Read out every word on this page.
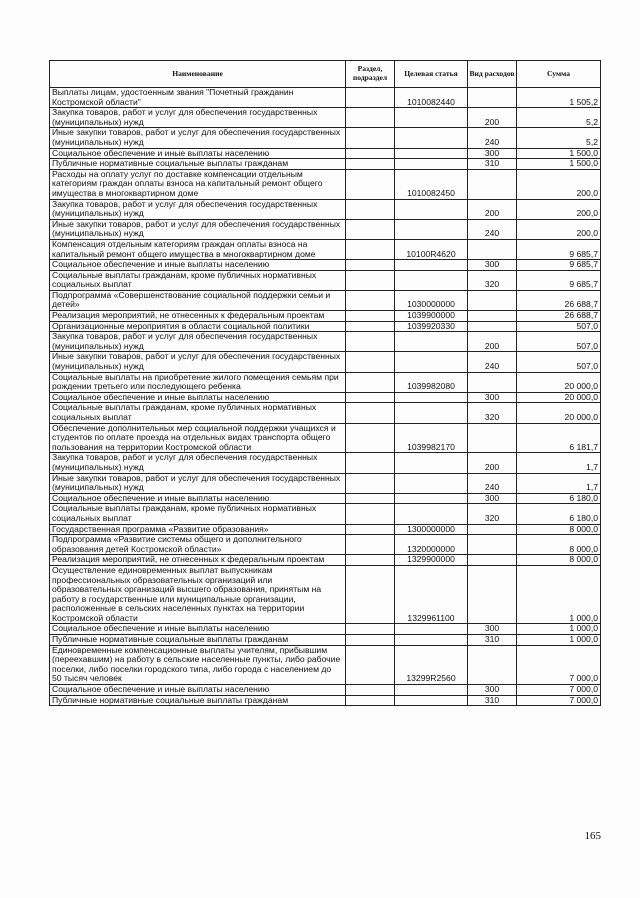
Наименование	Раздел, подраздел	Целевая статья	Вид расходов	Сумма
Выплаты лицам, удостоенным звания "Почетный гражданин Костромской области"		1010082440		1 505,2
Закупка товаров, работ и услуг для обеспечения государственных (муниципальных) нужд			200	5,2
Иные закупки товаров, работ и услуг для обеспечения государственных (муниципальных) нужд			240	5,2
Социальное обеспечение и иные выплаты населению			300	1 500,0
Публичные нормативные социальные выплаты гражданам			310	1 500,0
Расходы на оплату услуг по доставке компенсации отдельным категориям граждан оплаты взноса на капитальный ремонт общего имущества в многоквартирном доме		1010082450		200,0
Закупка товаров, работ и услуг для обеспечения государственных (муниципальных) нужд			200	200,0
Иные закупки товаров, работ и услуг для обеспечения государственных (муниципальных) нужд			240	200,0
Компенсация отдельным категориям граждан оплаты взноса на капитальный ремонт общего имущества в многоквартирном доме		10100R4620		9 685,7
Социальное обеспечение и иные выплаты населению			300	9 685,7
Социальные выплаты гражданам, кроме публичных нормативных социальных выплат			320	9 685,7
Подпрограмма «Совершенствование социальной поддержки семьи и детей»		1030000000		26 688,7
Реализация мероприятий, не отнесенных к федеральным проектам		1039900000		26 688,7
Организационные мероприятия в области социальной политики		1039920330		507,0
Закупка товаров, работ и услуг для обеспечения государственных (муниципальных) нужд			200	507,0
Иные закупки товаров, работ и услуг для обеспечения государственных (муниципальных) нужд			240	507,0
Социальные выплаты на приобретение жилого помещения семьям при рождении третьего или последующего ребенка		1039982080		20 000,0
Социальное обеспечение и иные выплаты населению			300	20 000,0
Социальные выплаты гражданам, кроме публичных нормативных социальных выплат			320	20 000,0
Обеспечение дополнительных мер социальной поддержки учащихся и студентов по оплате проезда на отдельных видах транспорта общего пользования на территории Костромской области		1039982170		6 181,7
Закупка товаров, работ и услуг для обеспечения государственных (муниципальных) нужд			200	1,7
Иные закупки товаров, работ и услуг для обеспечения государственных (муниципальных) нужд			240	1,7
Социальное обеспечение и иные выплаты населению			300	6 180,0
Социальные выплаты гражданам, кроме публичных нормативных социальных выплат			320	6 180,0
Государственная программа «Развитие образования»		1300000000		8 000,0
Подпрограмма «Развитие системы общего и дополнительного образования детей Костромской области»		1320000000		8 000,0
Реализация мероприятий, не отнесенных к федеральным проектам		1329900000		8 000,0
Осуществление единовременных выплат выпускникам профессиональных образовательных организаций или образовательных организаций высшего образования, принятым на работу в государственные или муниципальные организации, расположенные в сельских населенных пунктах на территории Костромской области		1329961100		1 000,0
Социальное обеспечение и иные выплаты населению			300	1 000,0
Публичные нормативные социальные выплаты гражданам			310	1 000,0
Единовременные компенсационные выплаты учителям, прибывшим (переехавшим) на работу в сельские населенные пункты, либо рабочие поселки, либо поселки городского типа, либо города с населением до 50 тысяч человек		13299R2560		7 000,0
Социальное обеспечение и иные выплаты населению			300	7 000,0
Публичные нормативные социальные выплаты гражданам			310	7 000,0
165
